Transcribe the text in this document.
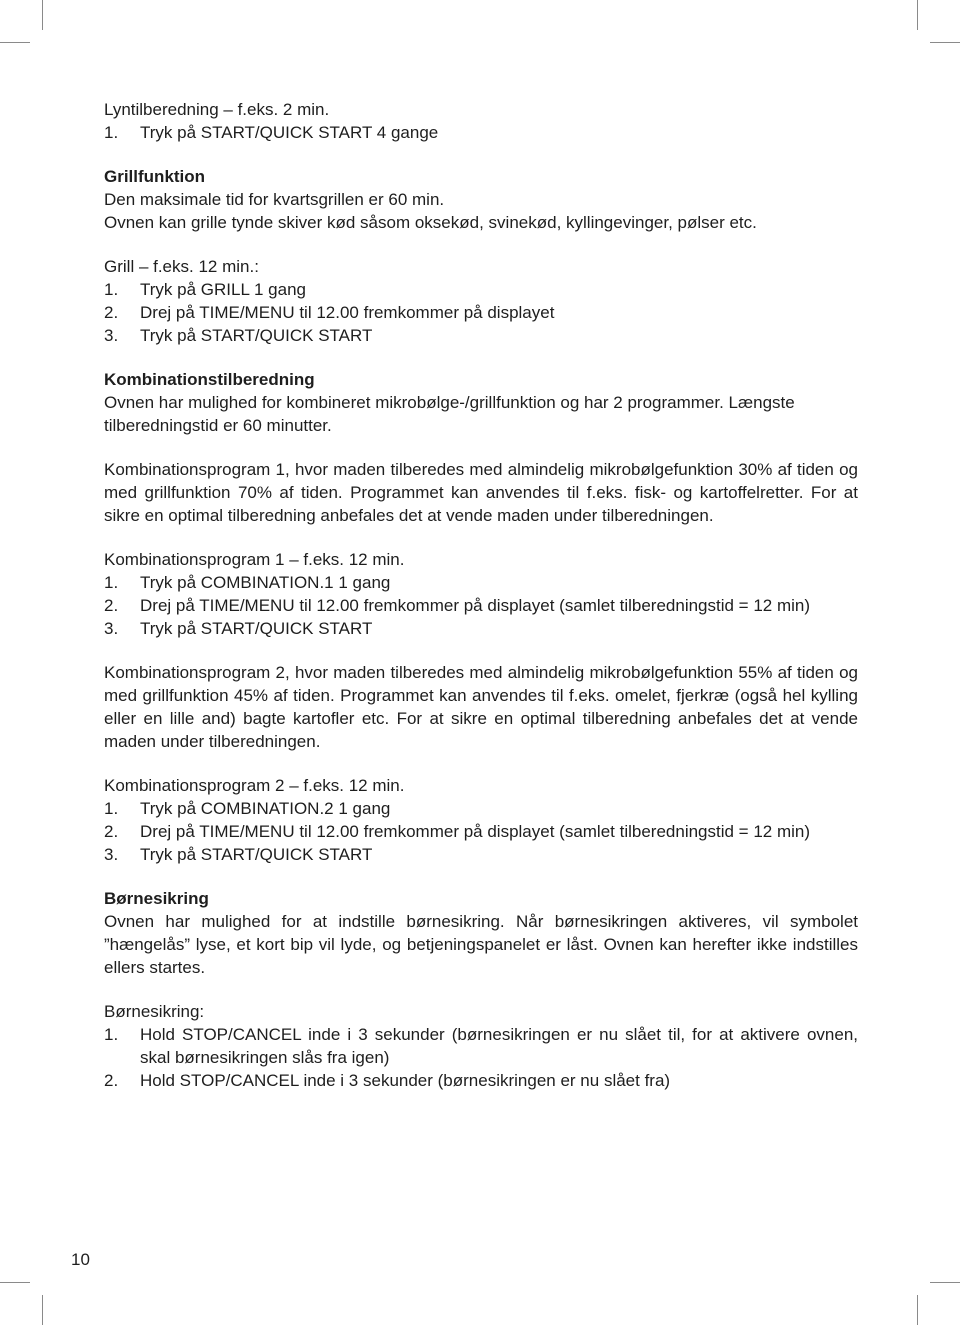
Lyntilberedning – f.eks. 2 min.
1.	Tryk på START/QUICK START 4 gange
Grillfunktion
Den maksimale tid for kvartsgrillen er 60 min.
Ovnen kan grille tynde skiver kød såsom oksekød, svinekød, kyllingevinger, pølser etc.
Grill – f.eks. 12 min.:
1.	Tryk på GRILL 1 gang
2.	Drej på TIME/MENU til 12.00 fremkommer på displayet
3.	Tryk på START/QUICK START
Kombinationstilberedning
Ovnen har mulighed for kombineret mikrobølge-/grillfunktion og har 2 programmer. Længste tilberedningstid er 60 minutter.
Kombinationsprogram 1, hvor maden tilberedes med almindelig mikrobølgefunktion 30% af tiden og med grillfunktion 70% af tiden. Programmet kan anvendes til f.eks. fisk- og kartoffelretter. For at sikre en optimal tilberedning anbefales det at vende maden under tilberedningen.
Kombinationsprogram 1 – f.eks. 12 min.
1.	Tryk på COMBINATION.1 1 gang
2.	Drej på TIME/MENU til 12.00 fremkommer på displayet (samlet tilberedningstid = 12 min)
3.	Tryk på START/QUICK START
Kombinationsprogram 2, hvor maden tilberedes med almindelig mikrobølgefunktion 55% af tiden og med grillfunktion 45% af tiden. Programmet kan anvendes til f.eks. omelet, fjerkræ (også hel kylling eller en lille and) bagte kartofler etc. For at sikre en optimal tilberedning anbefales det at vende maden under tilberedningen.
Kombinationsprogram 2 – f.eks. 12 min.
1.	Tryk på COMBINATION.2 1 gang
2.	Drej på TIME/MENU til 12.00 fremkommer på displayet (samlet tilberedningstid = 12 min)
3.	Tryk på START/QUICK START
Børnesikring
Ovnen har mulighed for at indstille børnesikring. Når børnesikringen aktiveres, vil symbolet ”hængelås” lyse, et kort bip vil lyde, og betjeningspanelet er låst. Ovnen kan herefter ikke indstilles ellers startes.
Børnesikring:
1.	Hold STOP/CANCEL inde i 3 sekunder (børnesikringen er nu slået til, for at aktivere ovnen, skal børnesikringen slås fra igen)
2.	Hold STOP/CANCEL inde i 3 sekunder (børnesikringen er nu slået fra)
10
